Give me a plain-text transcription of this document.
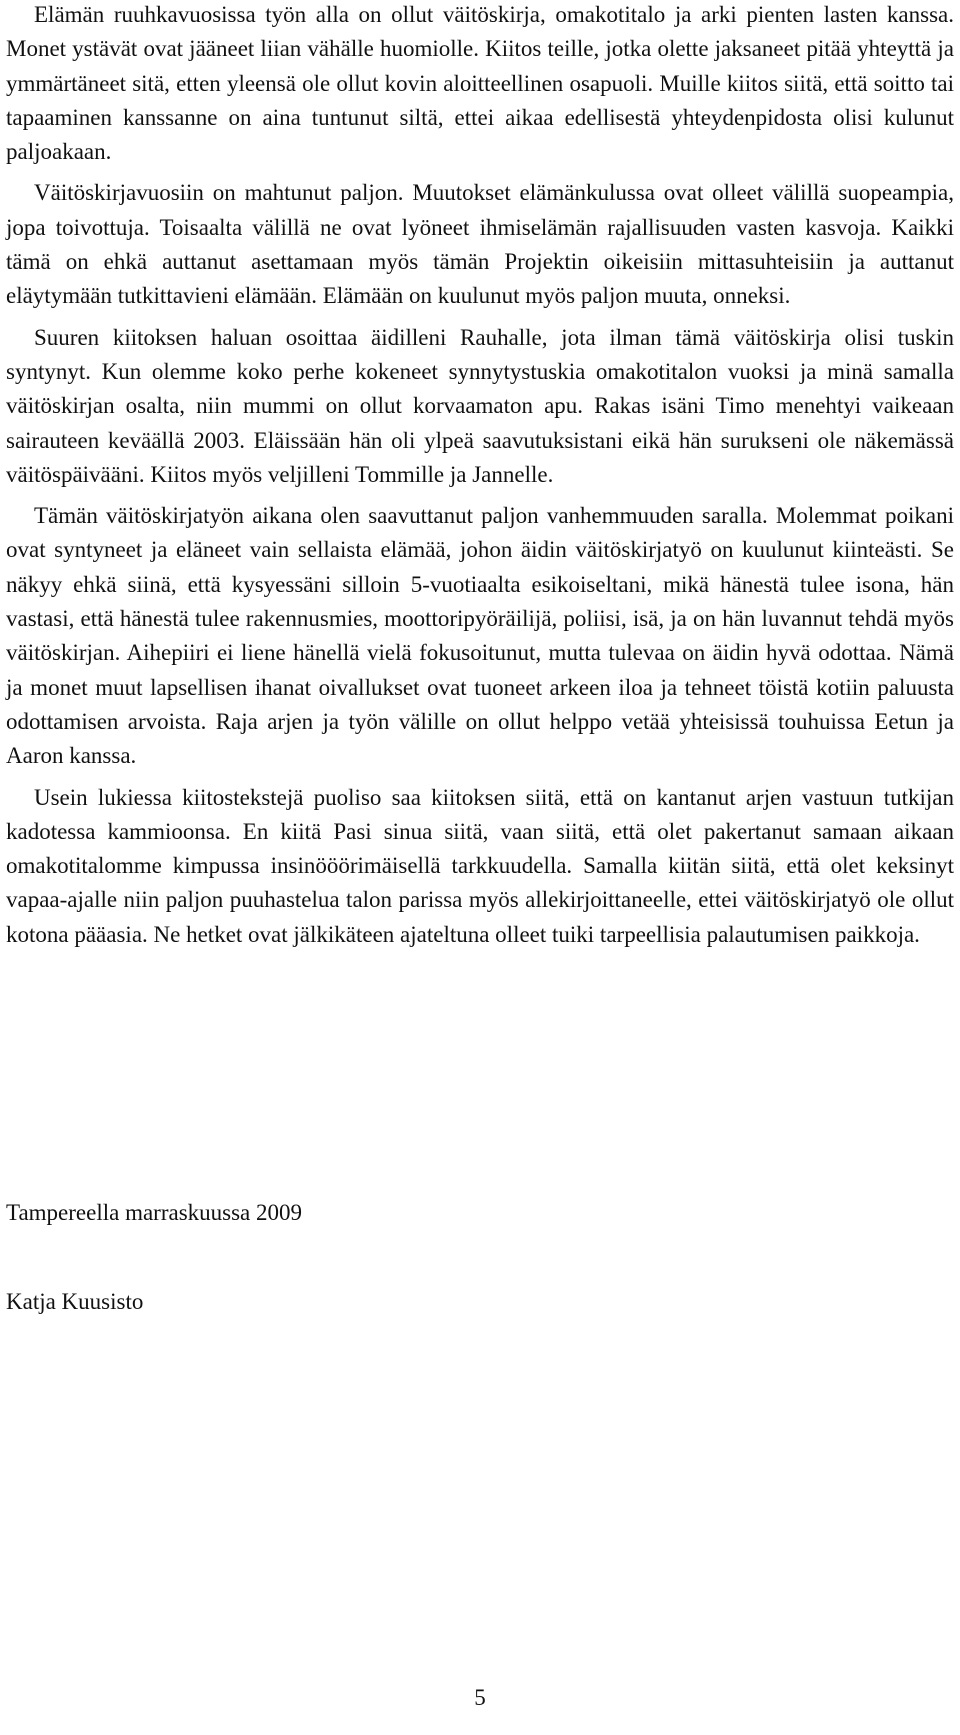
Elämän ruuhkavuosissa työn alla on ollut väitöskirja, omakotitalo ja arki pienten lasten kanssa. Monet ystävät ovat jääneet liian vähälle huomiolle. Kiitos teille, jotka olette jaksaneet pitää yhteyttä ja ymmärtäneet sitä, etten yleensä ole ollut kovin aloitteellinen osapuoli. Muille kiitos siitä, että soitto tai tapaaminen kanssanne on aina tuntunut siltä, ettei aikaa edellisestä yhteydenpidosta olisi kulunut paljoakaan.

Väitöskirjavuosiin on mahtunut paljon. Muutokset elämänkulussa ovat olleet välillä suopeampia, jopa toivottuja. Toisaalta välillä ne ovat lyöneet ihmiselämän rajallisuuden vasten kasvoja. Kaikki tämä on ehkä auttanut asettamaan myös tämän Projektin oikeisiin mittasuhteisiin ja auttanut eläytymään tutkittavieni elämään. Elämään on kuulunut myös paljon muuta, onneksi.

Suuren kiitoksen haluan osoittaa äidilleni Rauhalle, jota ilman tämä väitöskirja olisi tuskin syntynyt. Kun olemme koko perhe kokeneet synnytystuskia omakotitalon vuoksi ja minä samalla väitöskirjan osalta, niin mummi on ollut korvaamaton apu. Rakas isäni Timo menehtyi vaikeaan sairauteen keväällä 2003. Eläissään hän oli ylpeä saavutuksistani eikä hän surukseni ole näkemässä väitöspäivääni. Kiitos myös veljilleni Tommille ja Jannelle.

Tämän väitöskirjatyön aikana olen saavuttanut paljon vanhemmuuden saralla. Molemmat poikani ovat syntyneet ja eläneet vain sellaista elämää, johon äidin väitöskirjatyö on kuulunut kiinteästi. Se näkyy ehkä siinä, että kysyessäni silloin 5-vuotiaalta esikoiseltani, mikä hänestä tulee isona, hän vastasi, että hänestä tulee rakennusmies, moottoripyöräilijä, poliisi, isä, ja on hän luvannut tehdä myös väitöskirjan. Aihepiiri ei liene hänellä vielä fokusoitunut, mutta tulevaa on äidin hyvä odottaa. Nämä ja monet muut lapsellisen ihanat oivallukset ovat tuoneet arkeen iloa ja tehneet töistä kotiin paluusta odottamisen arvoista. Raja arjen ja työn välille on ollut helppo vetää yhteisissä touhuissa Eetun ja Aaron kanssa.

Usein lukiessa kiitostekstejä puoliso saa kiitoksen siitä, että on kantanut arjen vastuun tutkijan kadotessa kammioonsa. En kiitä Pasi sinua siitä, vaan siitä, että olet pakertanut samaan aikaan omakotitalomme kimpussa insinööörimäisellä tarkkuudella. Samalla kiitän siitä, että olet keksinyt vapaa-ajalle niin paljon puuhastelua talon parissa myös allekirjoittaneelle, ettei väitöskirjatyö ole ollut kotona pääasia. Ne hetket ovat jälkikäteen ajateltuna olleet tuiki tarpeellisia palautumisen paikkoja.

Tampereella marraskuussa 2009
Katja Kuusisto
5
